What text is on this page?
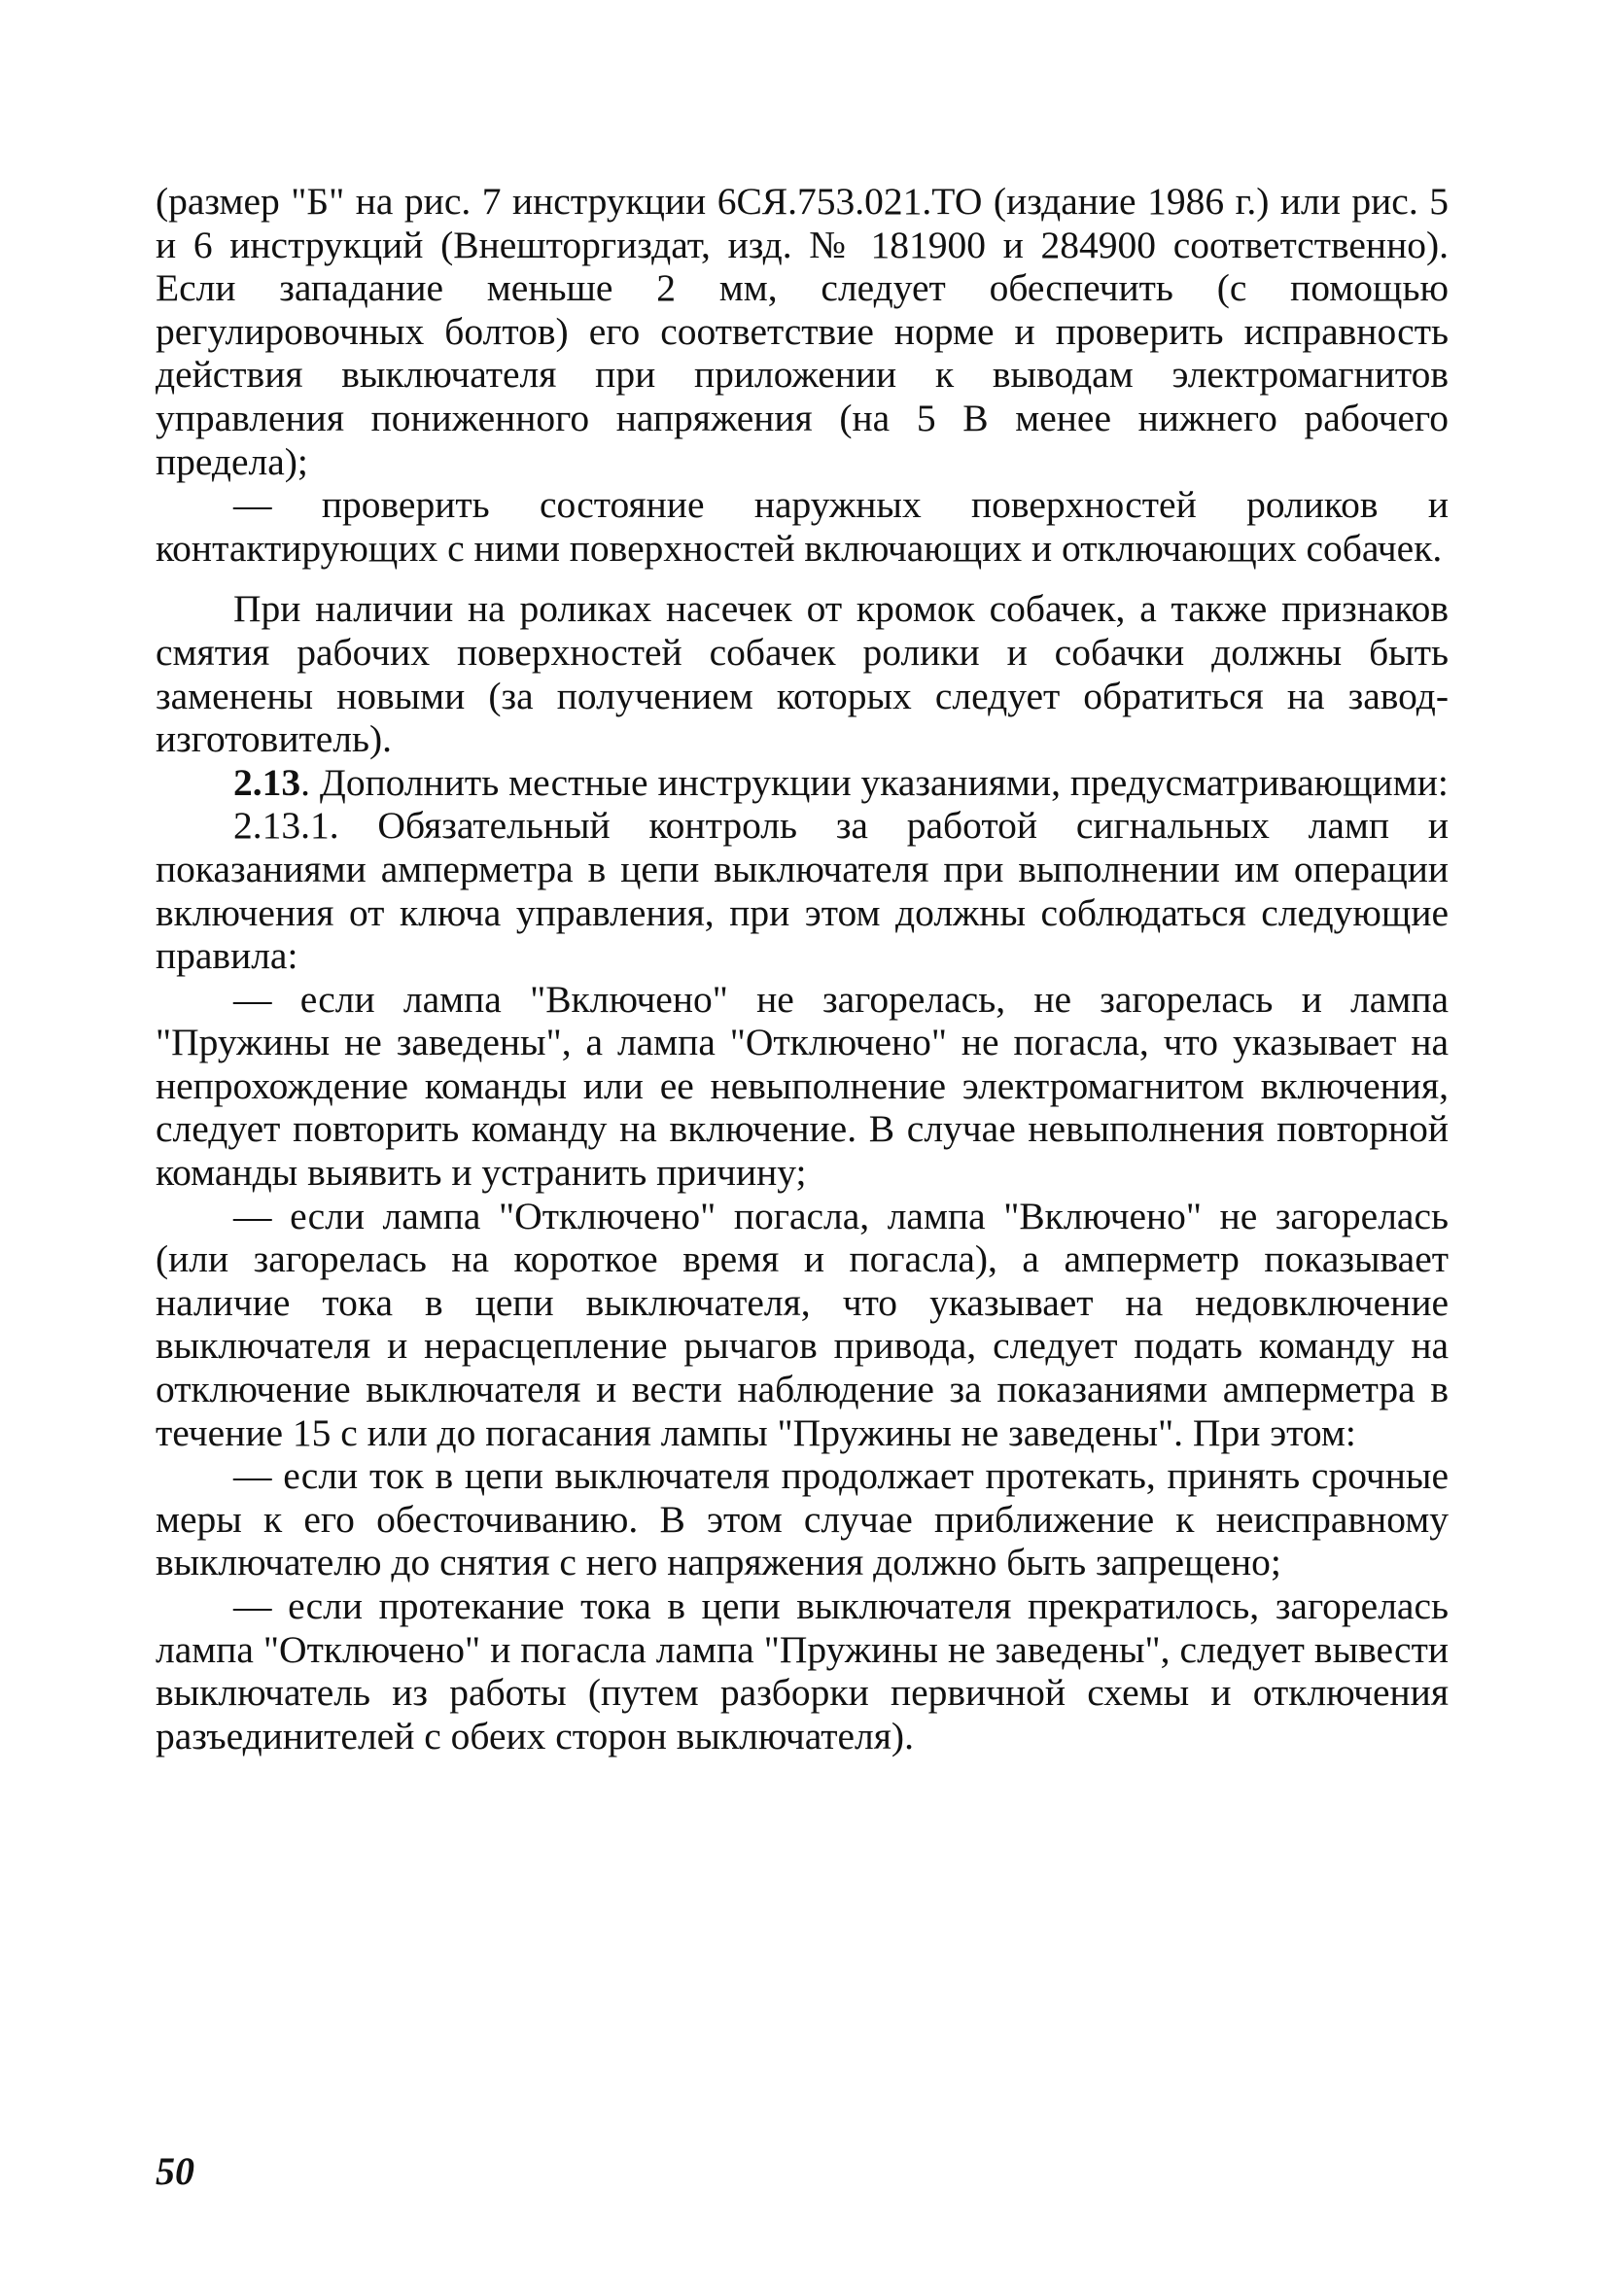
(размер "Б" на рис. 7 инструкции 6СЯ.753.021.ТО (издание 1986 г.) или рис. 5 и 6 инструкций (Внешторгиздат, изд. № 181900 и 284900 соответственно). Если западание меньше 2 мм, следует обеспечить (с помощью регулировочных болтов) его соответствие норме и проверить исправность действия выключателя при приложении к выводам электромагнитов управления пониженного напряжения (на 5 В менее нижнего рабочего предела);

— проверить состояние наружных поверхностей роликов и контактирующих с ними поверхностей включающих и отключающих собачек.

При наличии на роликах насечек от кромок собачек, а также признаков смятия рабочих поверхностей собачек ролики и собачки должны быть заменены новыми (за получением которых следует обратиться на завод-изготовитель).

2.13. Дополнить местные инструкции указаниями, предусматривающими:

2.13.1. Обязательный контроль за работой сигнальных ламп и показаниями амперметра в цепи выключателя при выполнении им операции включения от ключа управления, при этом должны соблюдаться следующие правила:

— если лампа "Включено" не загорелась, не загорелась и лампа "Пружины не заведены", а лампа "Отключено" не погасла, что указывает на непрохождение команды или ее невыполнение электромагнитом включения, следует повторить команду на включение. В случае невыполнения повторной команды выявить и устранить причину;

— если лампа "Отключено" погасла, лампа "Включено" не загорелась (или загорелась на короткое время и погасла), а амперметр показывает наличие тока в цепи выключателя, что указывает на недовключение выключателя и нерасцепление рычагов привода, следует подать команду на отключение выключателя и вести наблюдение за показаниями амперметра в течение 15 с или до погасания лампы "Пружины не заведены". При этом:

— если ток в цепи выключателя продолжает протекать, принять срочные меры к его обесточиванию. В этом случае приближение к неисправному выключателю до снятия с него напряжения должно быть запрещено;

— если протекание тока в цепи выключателя прекратилось, загорелась лампа "Отключено" и погасла лампа "Пружины не заведены", следует вывести выключатель из работы (путем разборки первичной схемы и отключения разъединителей с обеих сторон выключателя).

50
